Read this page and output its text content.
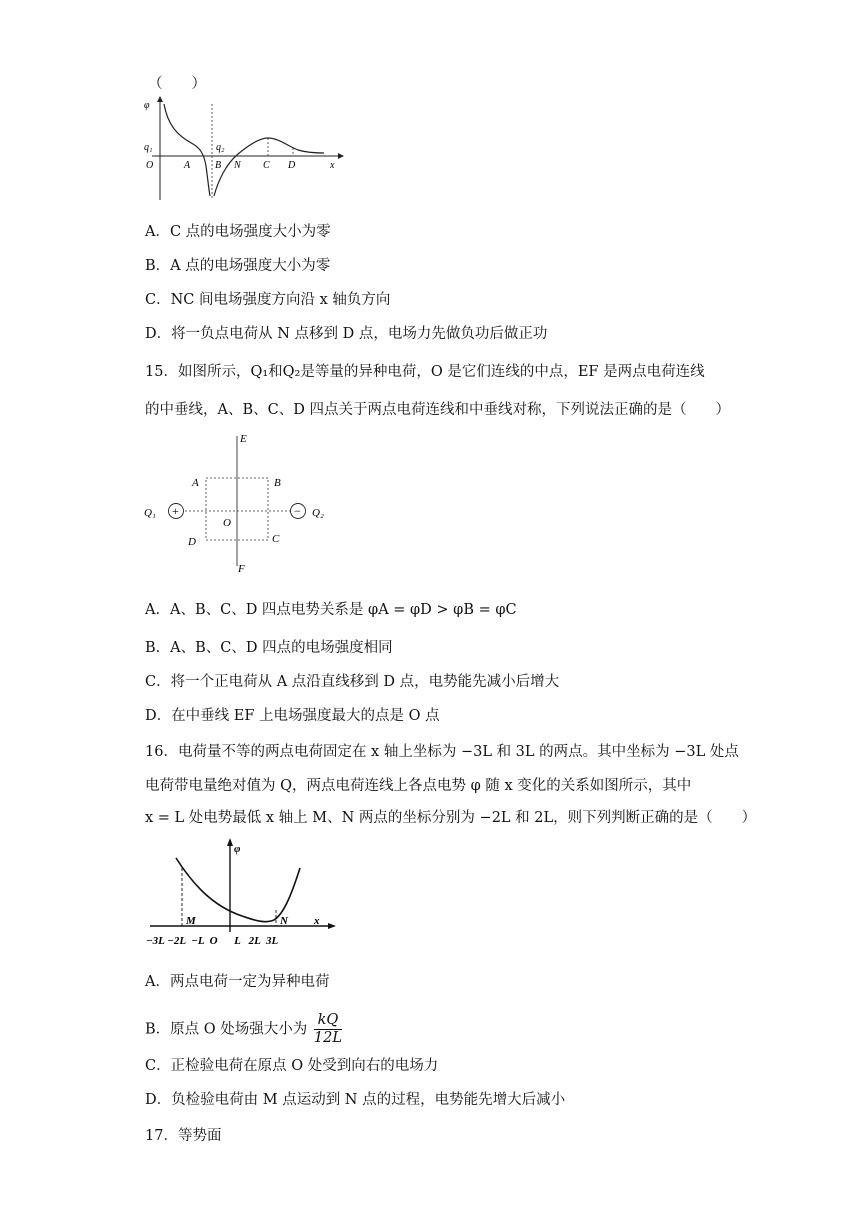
（　　）
φ
q₁	q₂
O	A B N C D	x
A．C 点的电场强度大小为零
B．A 点的电场强度大小为零
C．NC 间电场强度方向沿 x 轴负方向
D．将一负点电荷从 N 点移到 D 点，电场力先做负功后做正功
15．如图所示，Q₁和Q₂是等量的异种电荷，O 是它们连线的中点，EF 是两点电荷连线
的中垂线，A、B、C、D 四点关于两点电荷连线和中垂线对称，下列说法正确的是（　　）
+	−
Q₁	Q₂
E
F
A	B
C
D
O
A．A、B、C、D 四点电势关系是 φA = φD > φB = φC
B．A、B、C、D 四点的电场强度相同
C．将一个正电荷从 A 点沿直线移到 D 点，电势能先减小后增大
D．在中垂线 EF 上电场强度最大的点是 O 点
16．电荷量不等的两点电荷固定在 x 轴上坐标为 −3L 和 3L 的两点。其中坐标为 −3L 处点
电荷带电量绝对值为 Q，两点电荷连线上各点电势 φ 随 x 变化的关系如图所示，其中
x = L 处电势最低 x 轴上 M、N 两点的坐标分别为 −2L 和 2L，则下列判断正确的是（　　）
φ
x
M	N
−3L −2L  −L  O      L   2L  3L
A．两点电荷一定为异种电荷
B．原点 O 处场强大小为 $\frac{kQ}{12L}$
C．正检验电荷在原点 O 处受到向右的电场力
D．负检验电荷由 M 点运动到 N 点的过程，电势能先增大后减小
17．等势面
